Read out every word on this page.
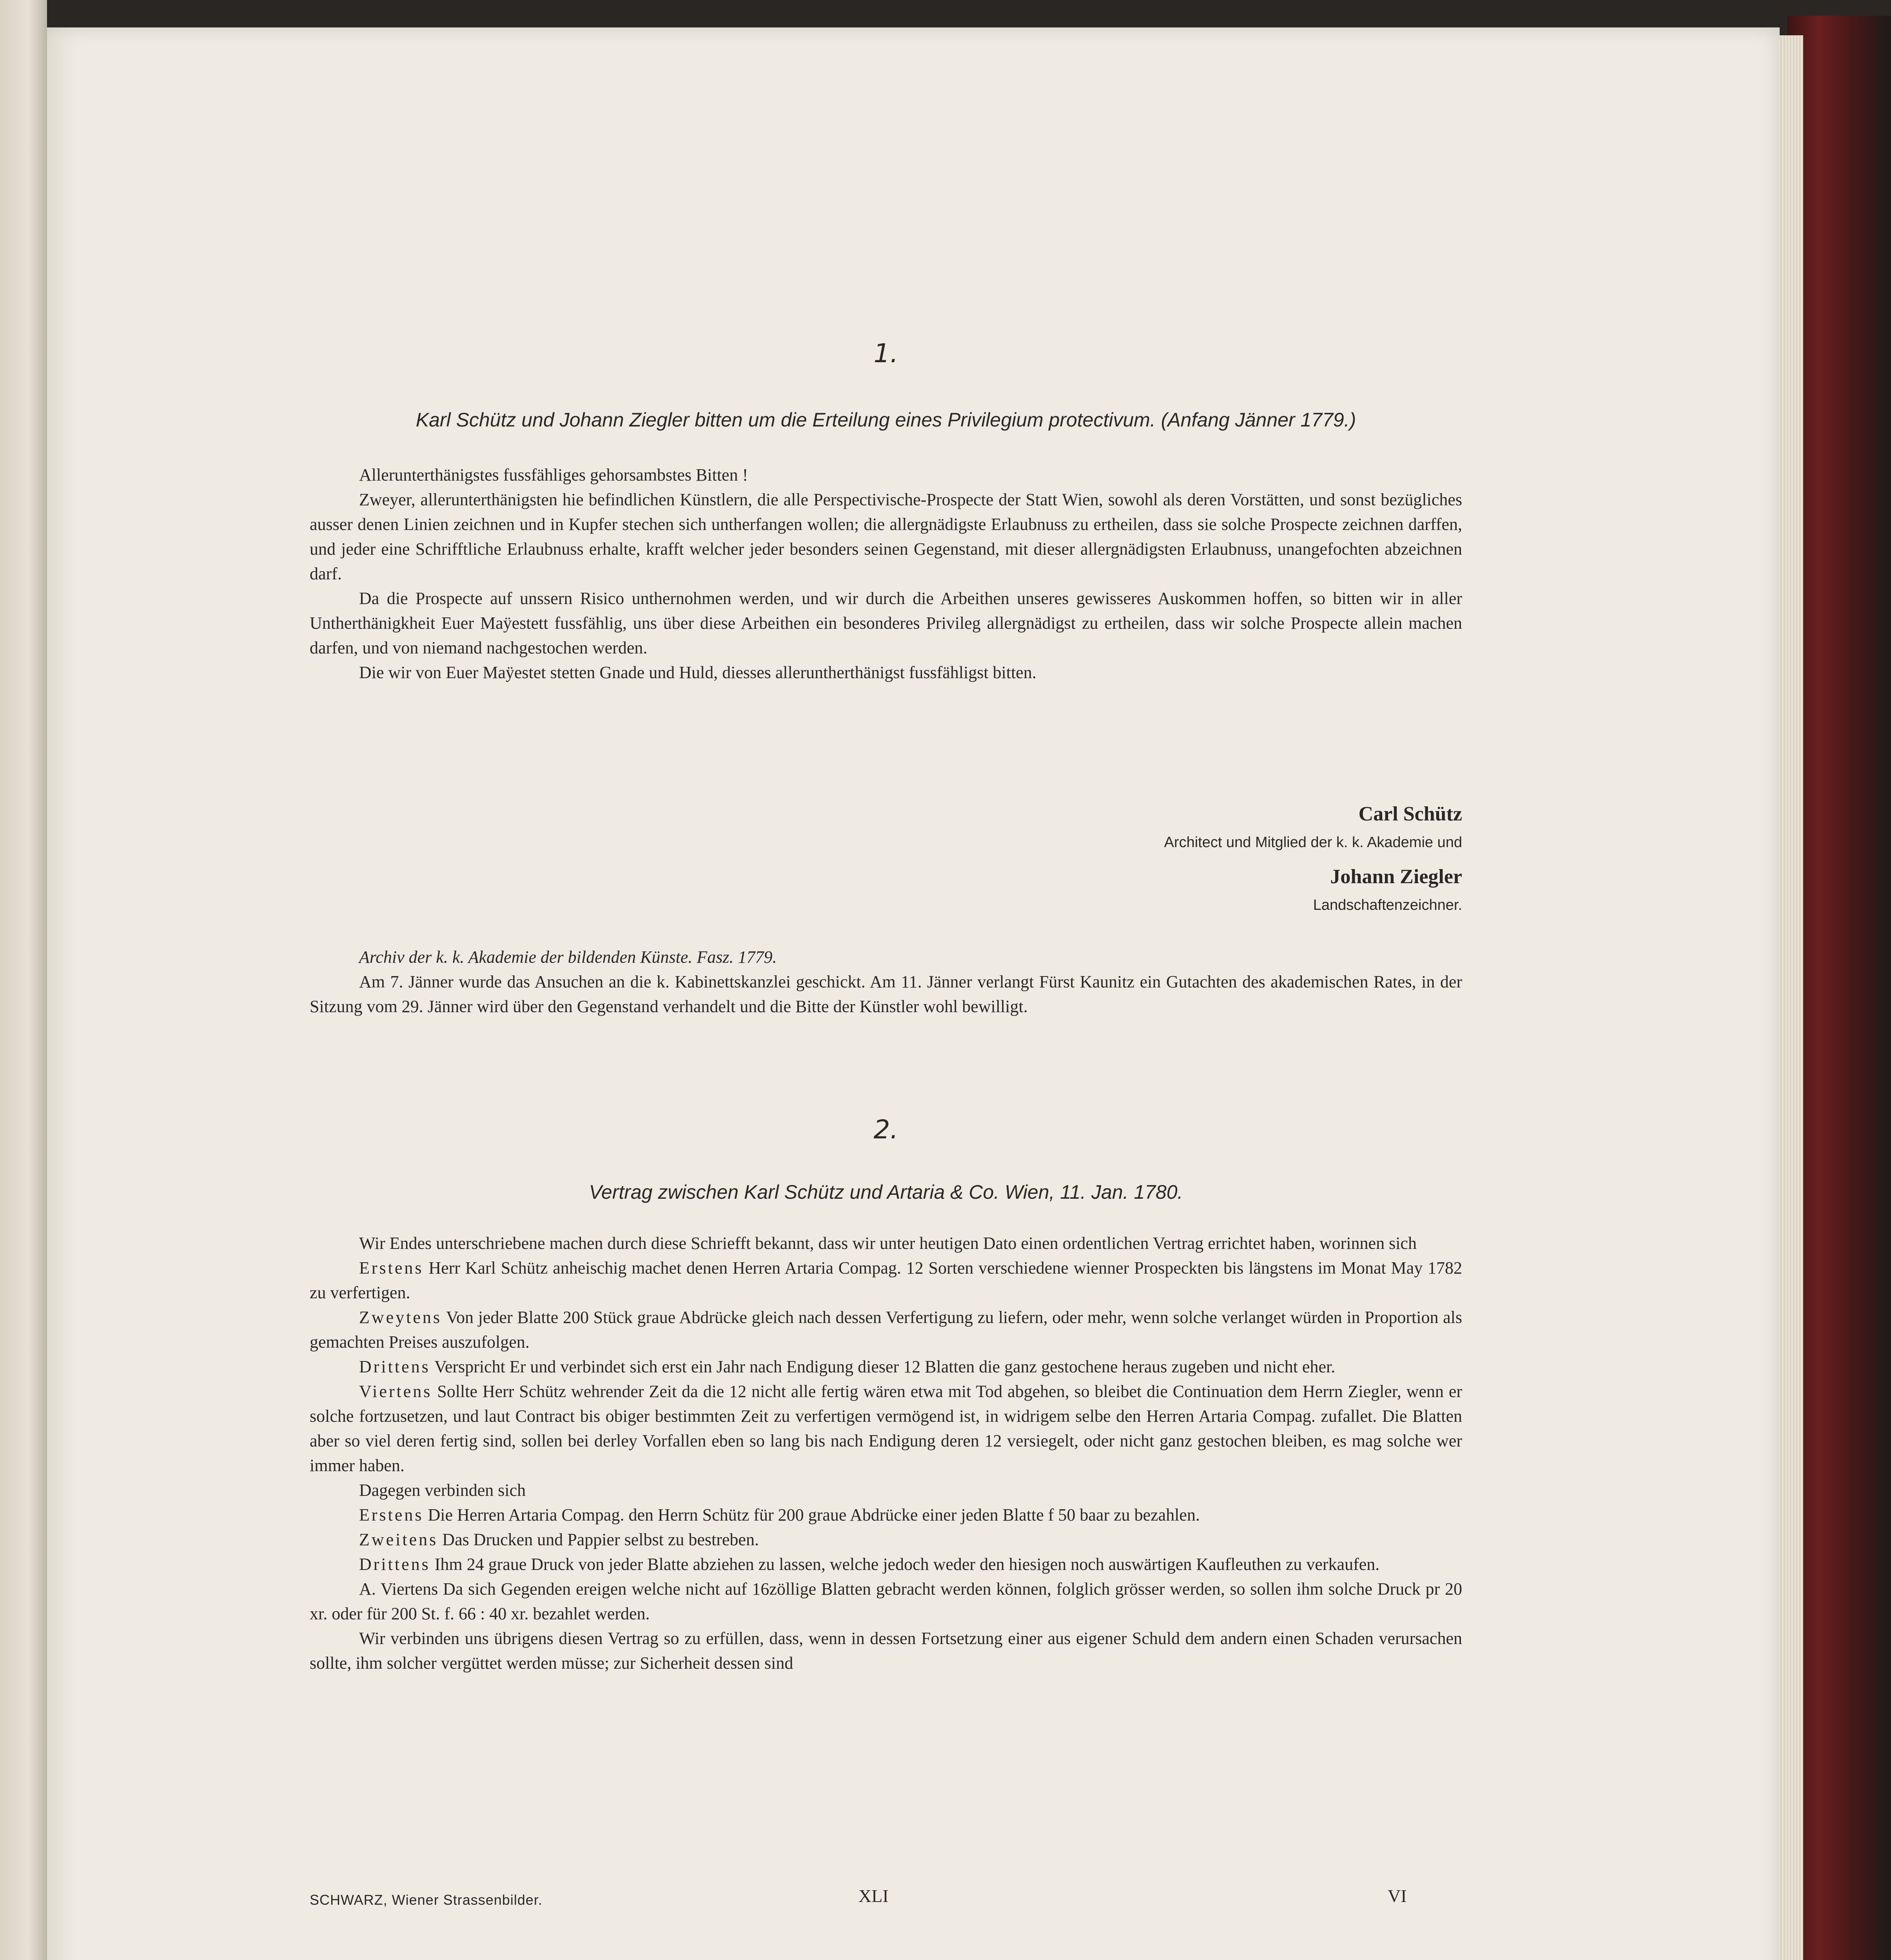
1.
Karl Schütz und Johann Ziegler bitten um die Erteilung eines Privilegium protectivum. (Anfang Jänner 1779.)

Allerunterthänigstes fussfähliges gehorsambstes Bitten !

Zweyer, allerunterthänigsten hie befindlichen Künstlern, die alle Perspectivische-Prospecte der Statt Wien, sowohl als deren Vorstätten, und sonst bezügliches ausser denen Linien zeichnen und in Kupfer stechen sich untherfangen wollen; die allergnädigste Erlaubnuss zu ertheilen, dass sie solche Prospecte zeichnen darffen, und jeder eine Schrifftliche Erlaubnuss erhalte, krafft welcher jeder besonders seinen Gegenstand, mit dieser allergnädigsten Erlaubnuss, unangefochten abzeichnen darf.

Da die Prospecte auf unssern Risico unthernohmen werden, und wir durch die Arbeithen unseres gewisseres Auskommen hoffen, so bitten wir in aller Untherthänigkheit Euer Maÿestett fussfählig, uns über diese Arbeithen ein besonderes Privileg allergnädigst zu ertheilen, dass wir solche Prospecte allein machen darfen, und von niemand nachgestochen werden.

Die wir von Euer Maÿestet stetten Gnade und Huld, diesses alleruntherthänigst fussfähligst bitten.

Carl Schütz
Architect und Mitglied der k. k. Akademie und
Johann Ziegler
Landschaftenzeichner.

Archiv der k. k. Akademie der bildenden Künste. Fasz. 1779.

Am 7. Jänner wurde das Ansuchen an die k. Kabinettskanzlei geschickt. Am 11. Jänner verlangt Fürst Kaunitz ein Gutachten des akademischen Rates, in der Sitzung vom 29. Jänner wird über den Gegenstand verhandelt und die Bitte der Künstler wohl bewilligt.

2.
Vertrag zwischen Karl Schütz und Artaria & Co. Wien, 11. Jan. 1780.

Wir Endes unterschriebene machen durch diese Schriefft bekannt, dass wir unter heutigen Dato einen ordentlichen Vertrag errichtet haben, worinnen sich

Erstens Herr Karl Schütz anheischig machet denen Herren Artaria Compag. 12 Sorten verschiedene wienner Prospeckten bis längstens im Monat May 1782 zu verfertigen.

Zweytens Von jeder Blatte 200 Stück graue Abdrücke gleich nach dessen Verfertigung zu liefern, oder mehr, wenn solche verlanget würden in Proportion als gemachten Preises auszufolgen.

Drittens Verspricht Er und verbindet sich erst ein Jahr nach Endigung dieser 12 Blatten die ganz gestochene heraus zugeben und nicht eher.

Viertens Sollte Herr Schütz wehrender Zeit da die 12 nicht alle fertig wären etwa mit Tod abgehen, so bleibet die Continuation dem Herrn Ziegler, wenn er solche fortzusetzen, und laut Contract bis obiger bestimmten Zeit zu verfertigen vermögend ist, in widrigem selbe den Herren Artaria Compag. zufallet. Die Blatten aber so viel deren fertig sind, sollen bei derley Vorfallen eben so lang bis nach Endigung deren 12 versiegelt, oder nicht ganz gestochen bleiben, es mag solche wer immer haben.

Dagegen verbinden sich

Erstens Die Herren Artaria Compag. den Herrn Schütz für 200 graue Abdrücke einer jeden Blatte f 50 baar zu bezahlen.

Zweitens Das Drucken und Pappier selbst zu bestreben.

Drittens Ihm 24 graue Druck von jeder Blatte abziehen zu lassen, welche jedoch weder den hiesigen noch auswärtigen Kaufleuthen zu verkaufen.

A. Viertens Da sich Gegenden ereigen welche nicht auf 16zöllige Blatten gebracht werden können, folglich grösser werden, so sollen ihm solche Druck pr 20 xr. oder für 200 St. f. 66 : 40 xr. bezahlet werden.

Wir verbinden uns übrigens diesen Vertrag so zu erfüllen, dass, wenn in dessen Fortsetzung einer aus eigener Schuld dem andern einen Schaden verursachen sollte, ihm solcher vergüttet werden müsse; zur Sicherheit dessen sind

SCHWARZ, Wiener Strassenbilder.	XLI	VI
